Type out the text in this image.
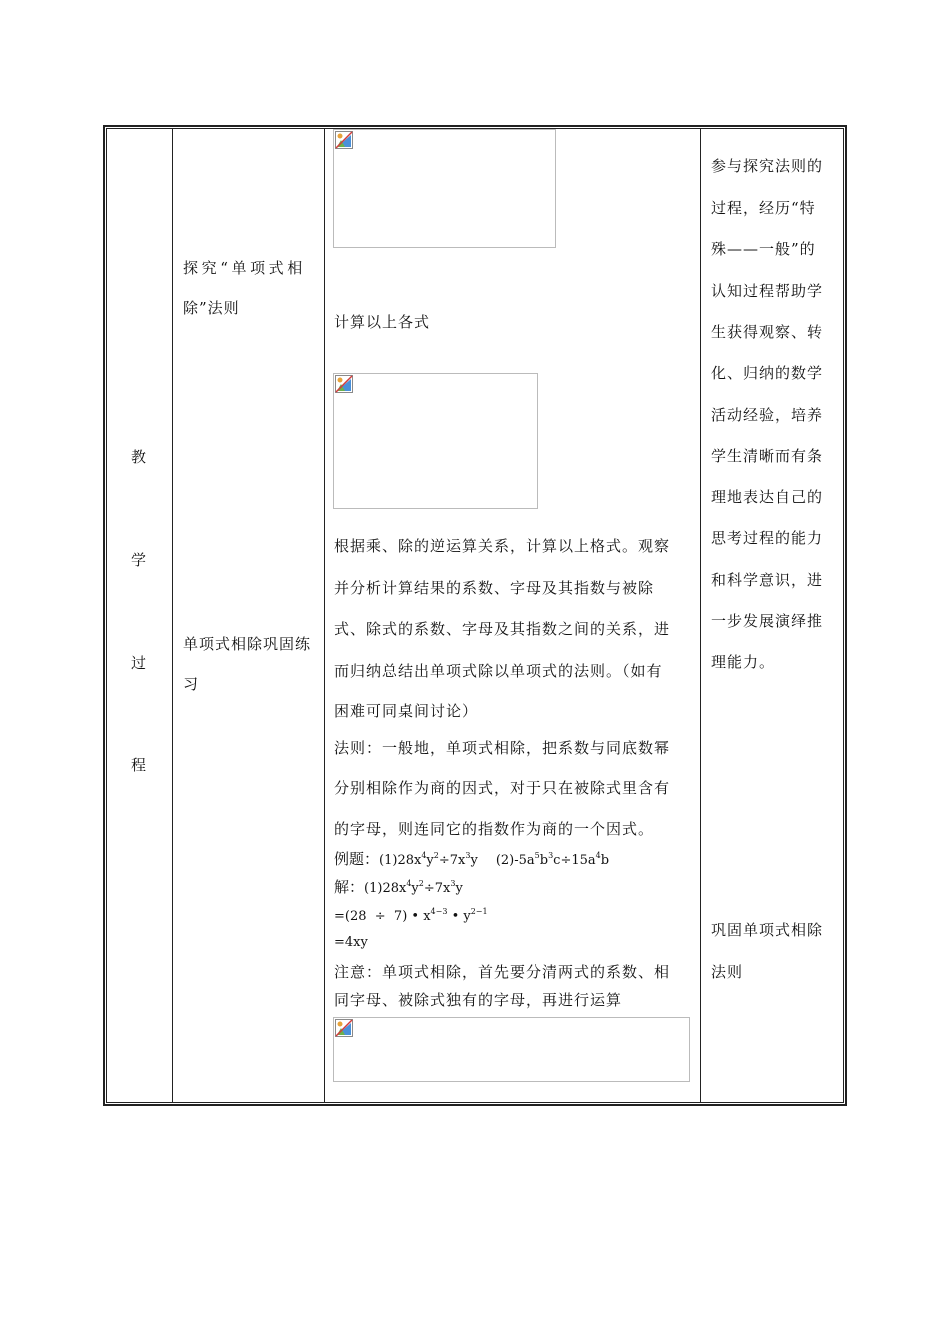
教
学
过
程
探究“单项式相
除”法则
单项式相除巩固练
习
计算以上各式
根据乘、除的逆运算关系，计算以上格式。观察
并分析计算结果的系数、字母及其指数与被除
式、除式的系数、字母及其指数之间的关系，进
而归纳总结出单项式除以单项式的法则。（如有
困难可同桌间讨论）
法则：一般地，单项式相除，把系数与同底数幂
分别相除作为商的因式，对于只在被除式里含有
的字母，则连同它的指数作为商的一个因式。
例题：$(1)28x^4y^2\div 7x^3y$ $(2)-5a^5b^3c\div 15a^4b$
解：$(1)28x^4y^2\div 7x^3y$
=(28  ÷  7) • $x^{4-3}$ • $y^{2-1}$
=4xy
注意：单项式相除，首先要分清两式的系数、相
同字母、被除式独有的字母，再进行运算
参与探究法则的
过程，经历“特
殊——一般”的
认知过程帮助学
生获得观察、转
化、归纳的数学
活动经验，培养
学生清晰而有条
理地表达自己的
思考过程的能力
和科学意识，进
一步发展演绎推
理能力。
巩固单项式相除
法则
